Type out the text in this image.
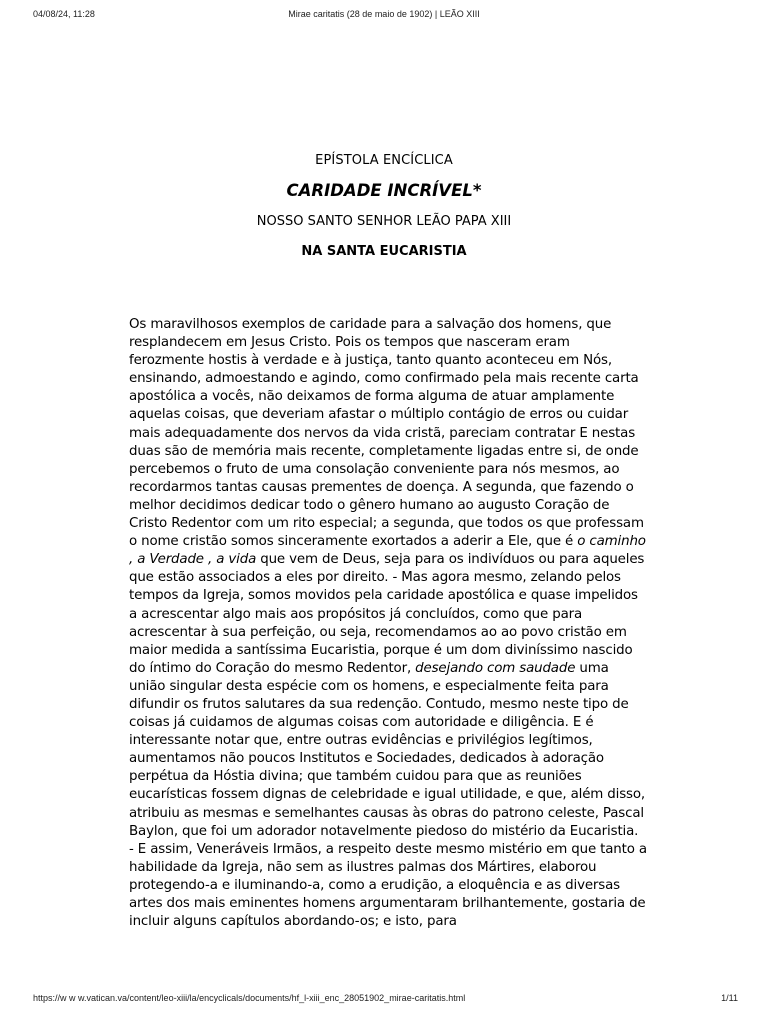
04/08/24, 11:28	Mirae caritatis (28 de maio de 1902) | LEÃO XIII

EPÍSTOLA ENCÍCLICA

CARIDADE INCRÍVEL*

NOSSO SANTO SENHOR LEÃO PAPA XIII

NA SANTA EUCARISTIA

Os maravilhosos exemplos de caridade para a salvação dos homens, que resplandecem em Jesus Cristo. Pois os tempos que nasceram eram ferozmente hostis à verdade e à justiça, tanto quanto aconteceu em Nós, ensinando, admoestando e agindo, como confirmado pela mais recente carta apostólica a vocês, não deixamos de forma alguma de atuar amplamente aquelas coisas, que deveriam afastar o múltiplo contágio de erros ou cuidar mais adequadamente dos nervos da vida cristã, pareciam contratar E nestas duas são de memória mais recente, completamente ligadas entre si, de onde percebemos o fruto de uma consolação conveniente para nós mesmos, ao recordarmos tantas causas prementes de doença. A segunda, que fazendo o melhor decidimos dedicar todo o gênero humano ao augusto Coração de Cristo Redentor com um rito especial; a segunda, que todos os que professam o nome cristão somos sinceramente exortados a aderir a Ele, que é o caminho , a Verdade , a vida que vem de Deus, seja para os indivíduos ou para aqueles que estão associados a eles por direito. - Mas agora mesmo, zelando pelos tempos da Igreja, somos movidos pela caridade apostólica e quase impelidos a acrescentar algo mais aos propósitos já concluídos, como que para acrescentar à sua perfeição, ou seja, recomendamos ao ao povo cristão em maior medida a santíssima Eucaristia, porque é um dom diviníssimo nascido do íntimo do Coração do mesmo Redentor, desejando com saudade uma união singular desta espécie com os homens, e especialmente feita para difundir os frutos salutares da sua redenção. Contudo, mesmo neste tipo de coisas já cuidamos de algumas coisas com autoridade e diligência. E é interessante notar que, entre outras evidências e privilégios legítimos, aumentamos não poucos Institutos e Sociedades, dedicados à adoração perpétua da Hóstia divina; que também cuidou para que as reuniões eucarísticas fossem dignas de celebridade e igual utilidade, e que, além disso, atribuiu as mesmas e semelhantes causas às obras do patrono celeste, Pascal Baylon, que foi um adorador notavelmente piedoso do mistério da Eucaristia. - E assim, Veneráveis Irmãos, a respeito deste mesmo mistério em que tanto a habilidade da Igreja, não sem as ilustres palmas dos Mártires, elaborou protegendo-a e iluminando-a, como a erudição, a eloquência e as diversas artes dos mais eminentes homens argumentaram brilhantemente, gostaria de incluir alguns capítulos abordando-os; e isto, para

https://w w w.vatican.va/content/leo-xiii/la/encyclicals/documents/hf_l-xiii_enc_28051902_mirae-caritatis.html	1/11
